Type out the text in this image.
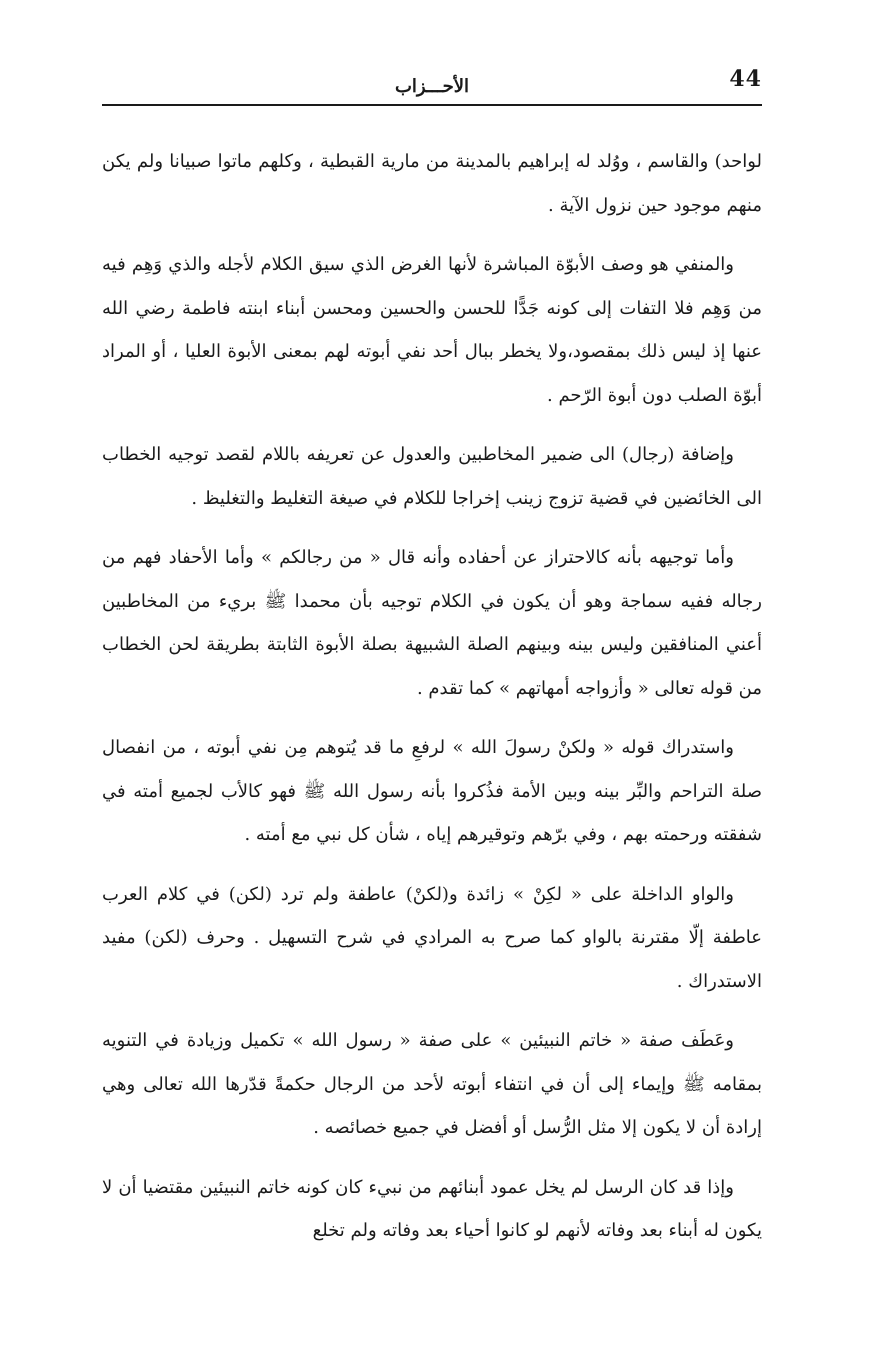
44
الأحـــزاب

لواحد) والقاسم ، ووُلد له إبراهيم بالمدينة من مارية القبطية ، وكلهم ماتوا صبيانا ولم يكن منهم موجود حين نزول الآية .

والمنفي هو وصف الأبوّة المباشرة لأنها الغرض الذي سيق الكلام لأجله والذي وَهِم فيه من وَهِم فلا التفات إلى كونه جَدًّا للحسن والحسين ومحسن أبناء ابنته فاطمة رضي الله عنها إذ ليس ذلك بمقصود،ولا يخطر ببال أحد نفي أبوته لهم بمعنى الأبوة العليا ، أو المراد أبوّة الصلب دون أبوة الرّحم .

وإضافة (رجال) الى ضمير المخاطبين والعدول عن تعريفه باللام لقصد توجيه الخطاب الى الخائضين في قضية تزوج زينب إخراجا للكلام في صيغة التغليط والتغليظ .

وأما توجيهه بأنه كالاحتراز عن أحفاده وأنه قال « من رجالكم » وأما الأحفاد فهم من رجاله ففيه سماجة وهو أن يكون في الكلام توجيه بأن محمدا ﷺ بريء من المخاطبين أعني المنافقين وليس بينه وبينهم الصلة الشبيهة بصلة الأبوة الثابتة بطريقة لحن الخطاب من قوله تعالى « وأزواجه أمهاتهم » كما تقدم .

واستدراك قوله « ولكنْ رسولَ الله » لرفعِ ما قد يُتوهم مِن نفي أبوته ، من انفصال صلة التراحم والبِّر بينه وبين الأمة فذُكروا بأنه رسول الله ﷺ فهو كالأب لجميع أمته في شفقته ورحمته بهم ، وفي برّهم وتوقيرهم إياه ، شأن كل نبي مع أمته .

والواو الداخلة على « لكِنْ » زائدة و(لكنْ) عاطفة ولم ترد (لكن) في كلام العرب عاطفة إلّا مقترنة بالواو كما صرح به المرادي في شرح التسهيل . وحرف (لكن) مفيد الاستدراك .

وعَطَف صفة « خاتم النبيئين » على صفة « رسول الله » تكميل وزيادة في التنويه بمقامه ﷺ وإيماء إلى أن في انتفاء أبوته لأحد من الرجال حكمةً قدّرها الله تعالى وهي إرادة أن لا يكون إلا مثل الرُّسل أو أفضل في جميع خصائصه .

وإذا قد كان الرسل لم يخل عمود أبنائهم من نبيء كان كونه خاتم النبيئين مقتضيا أن لا يكون له أبناء بعد وفاته لأنهم لو كانوا أحياء بعد وفاته ولم تخلع
